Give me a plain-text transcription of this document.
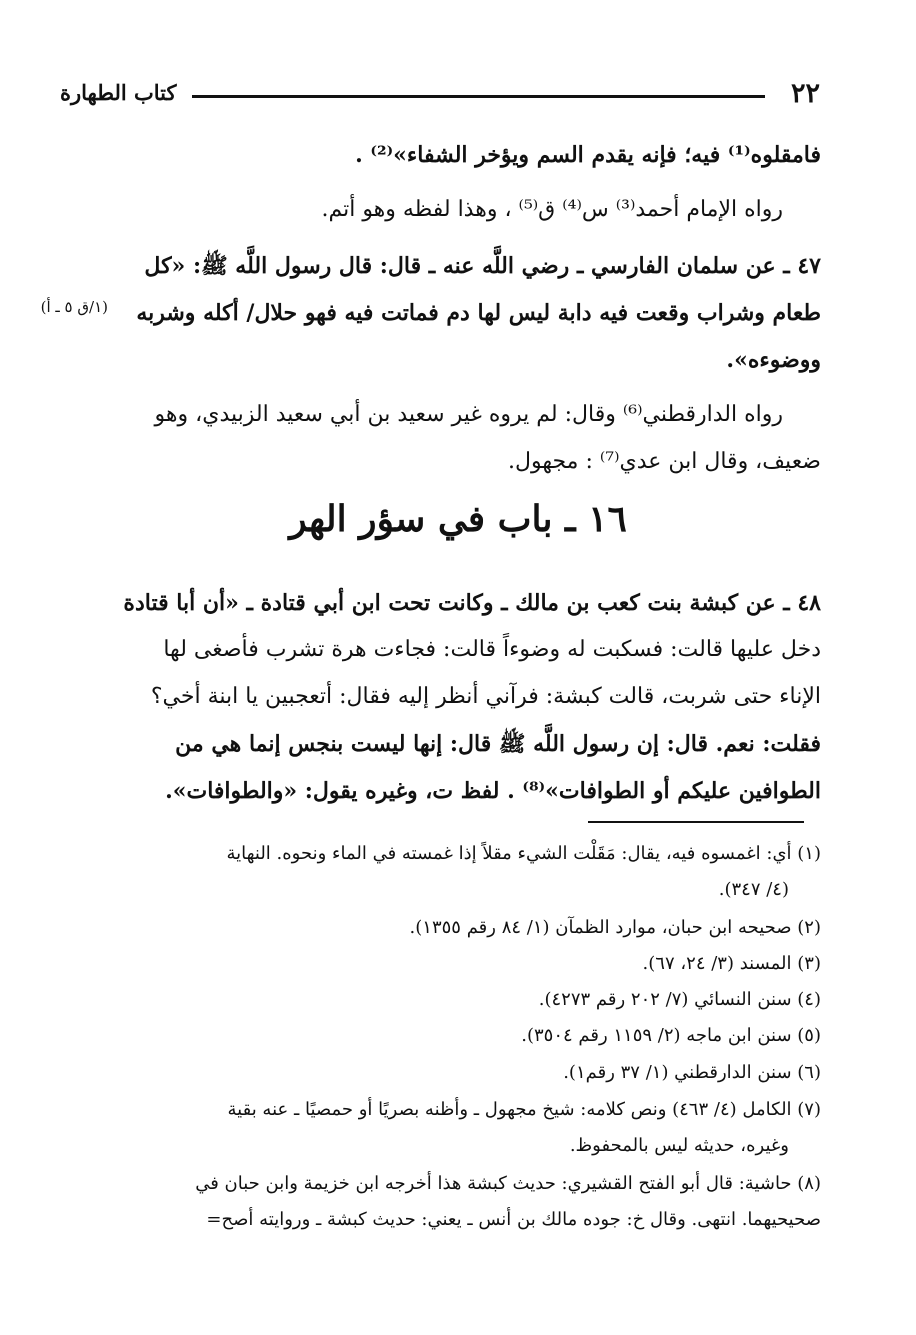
٢٢
كتاب الطهارة
فامقلوه⁽¹⁾ فيه؛ فإنه يقدم السم ويؤخر الشفاء»⁽²⁾ .
رواه الإمام أحمد⁽³⁾ س⁽⁴⁾ ق⁽⁵⁾ ، وهذا لفظه وهو أتم.
٤٧ ـ عن سلمان الفارسي ـ رضي اللَّه عنه ـ قال: قال رسول اللَّه ﷺ: «كل
طعام وشراب وقعت فيه دابة ليس لها دم فماتت فيه فهو حلال/ أكله وشربه
(١/ق ٥ ـ أ)
ووضوءه».
رواه الدارقطني⁽⁶⁾ وقال: لم يروه غير سعيد بن أبي سعيد الزبيدي، وهو
ضعيف، وقال ابن عدي⁽⁷⁾ : مجهول.
١٦ ـ باب في سؤر الهر
٤٨ ـ عن كبشة بنت كعب بن مالك ـ وكانت تحت ابن أبي قتادة ـ «أن أبا قتادة
دخل عليها قالت: فسكبت له وضوءاً قالت: فجاءت هرة تشرب فأصغى لها
الإناء حتى شربت، قالت كبشة: فرآني أنظر إليه فقال: أتعجبين يا ابنة أخي؟
فقلت: نعم. قال: إن رسول اللَّه ﷺ قال: إنها ليست بنجس إنما هي من
الطوافين عليكم أو الطوافات»⁽⁸⁾ . لفظ ت، وغيره يقول: «والطوافات».
(١) أي: اغمسوه فيه، يقال: مَقَلْت الشيء مقلاً إذا غمسته في الماء ونحوه. النهاية
(٤/ ٣٤٧).
(٢) صحيحه ابن حبان، موارد الظمآن (١/ ٨٤ رقم ١٣٥٥).
(٣) المسند (٣/ ٢٤، ٦٧).
(٤) سنن النسائي (٧/ ٢٠٢ رقم ٤٢٧٣).
(٥) سنن ابن ماجه (٢/ ١١٥٩ رقم ٣٥٠٤).
(٦) سنن الدارقطني (١/ ٣٧ رقم١).
(٧) الكامل (٤/ ٤٦٣) ونص كلامه: شيخ مجهول ـ وأظنه بصريًا أو حمصيًا ـ عنه بقية
وغيره، حديثه ليس بالمحفوظ.
(٨) حاشية: قال أبو الفتح القشيري: حديث كبشة هذا أخرجه ابن خزيمة وابن حبان في
صحيحيهما. انتهى. وقال خ: جوده مالك بن أنس ـ يعني: حديث كبشة ـ وروايته أصح=
